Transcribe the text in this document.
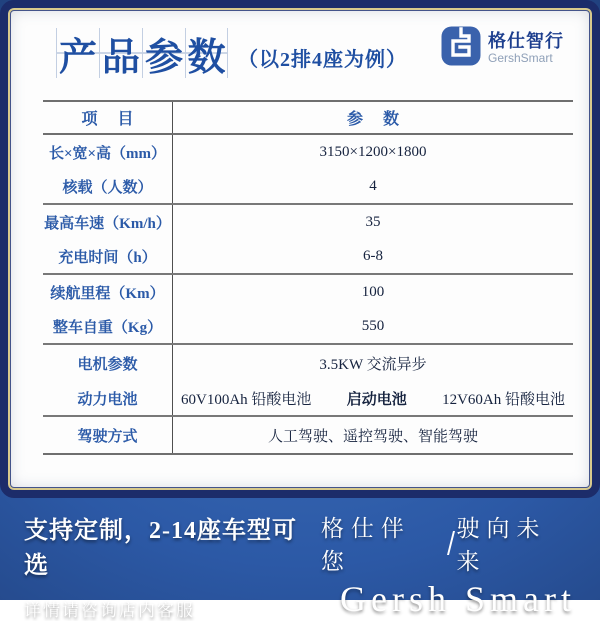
产 品 参 数 （以2排4座为例）
格仕智行
GershSmart
项 目	参 数
长×宽×高（mm）	3150×1200×1800
核载（人数）	4
最高车速（Km/h）	35
充电时间（h）	6-8
续航里程（Km）	100
整车自重（Kg）	550
电机参数	3.5KW 交流异步
动力电池	60V100Ah 铅酸电池 启动电池 12V60Ah 铅酸电池
驾驶方式	人工驾驶、遥控驾驶、智能驾驶
支持定制，2-14座车型可选
详情请咨询店内客服
格仕伴您
驶向未来
Gersh Smart
